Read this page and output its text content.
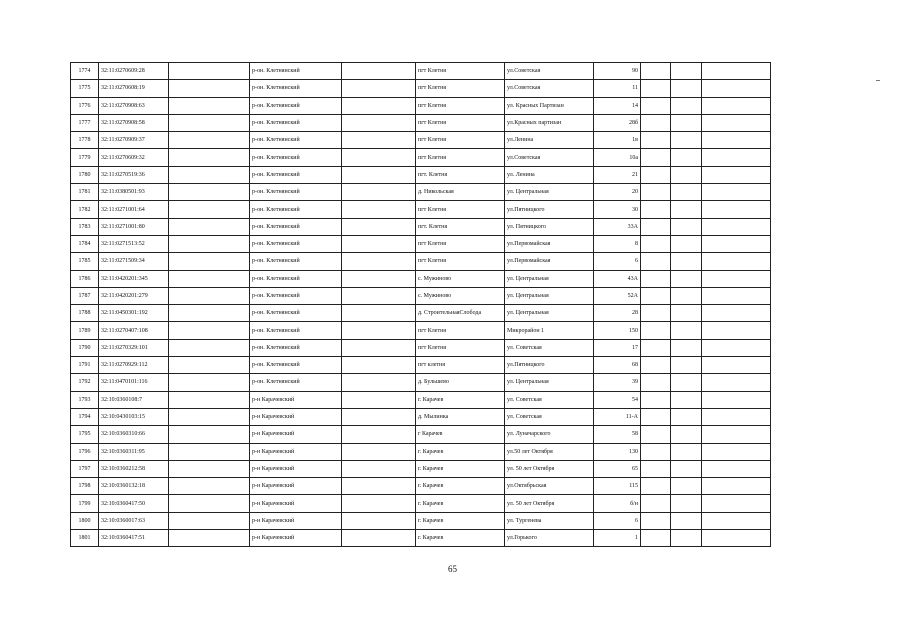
1774	32:11:0270609:28		р-он. Клетнянский		пгт Клетня	ул.Советская	90			
1775	32:11:0270608:19		р-он. Клетнянский		пгт Клетня	ул.Советская	11			
1776	32:11:0270908:63		р-он. Клетнянский		пгт Клетня	ул. Красных Партизан	14			
1777	32:11:0270908:58		р-он. Клетнянский		пгт Клетня	ул.Красных партизан	28б			
1778	32:11:0270909:37		р-он. Клетнянский		пгт Клетня	ул.Ленина	1в			
1779	32:11:0270609:32		р-он. Клетнянский		пгт Клетня	ул.Советская	10а			
1780	32:11:0270519:36		р-он. Клетнянский		пгт. Клетня	ул. Ленина	21			
1781	32:11:0380501:93		р-он. Клетнянский		д. Никольская	ул. Центральная	20			
1782	32:11:0271001:64		р-он. Клетнянский		пгт Клетня	ул.Пятницкого	30			
1783	32:11:0271001:80		р-он. Клетнянский		пгт. Клетня	ул. Пятницкого	33А			
1784	32:11:0271513:52		р-он. Клетнянский		пгт Клетня	ул.Первомайская	8			
1785	32:11:0271509:34		р-он. Клетнянский		пгт Клетня	ул.Первомайская	6			
1786	32:11:0420201:345		р-он. Клетнянский		с. Мужиново	ул. Центральная	43А			
1787	32:11:0420201:279		р-он. Клетнянский		с. Мужиново	ул. Центральная	52А			
1788	32:11:0450301:192		р-он. Клетнянский		д. СтроительнаяСлобода	ул. Центральная	28			
1789	32:11:0270407:108		р-он. Клетнянский		пгт Клетня	Микрорайон 1	150			
1790	32:11:0270329:101		р-он. Клетнянский		пгт Клетня	ул. Советская	17			
1791	32:11:0270929:112		р-он. Клетнянский		пгт клетня	ул.Пятницкого	68			
1792	32:11:0470101:116		р-он. Клетнянский		д. Бульшево	ул. Центральная	39			
1793	32:10:0360108:7		р-н Карачевский		г. Карачев	ул. Советская	54			
1794	32:10:0430103:15		р-н Карачевский		д. Мылинка	ул. Советская	11-А			
1795	32:10:0360310:66		р-н Карачевский		г Карачев	ул. Луначарского	58			
1796	32:10:0360311:95		р-н Карачевский		г. Карачев	ул.50 лет Октября	130			
1797	32:10:0360212:58		р-н Карачевский		г. Карачев	ул. 50 лет Октября	65			
1798	32:10:0360132:18		р-н Карачевский		г. Карачев	ул.Октябрьская	115			
1799	32:10:0360417:50		р-н Карачевский		г. Карачев	ул. 50 лет Октября	б/н			
1800	32:10:0360017:63		р-н Карачевский		г. Карачев	ул. Тургенева	6			
1801	32:10:0360417:51		р-н Карачевский		г. Карачев	ул.Горького	1			
65
